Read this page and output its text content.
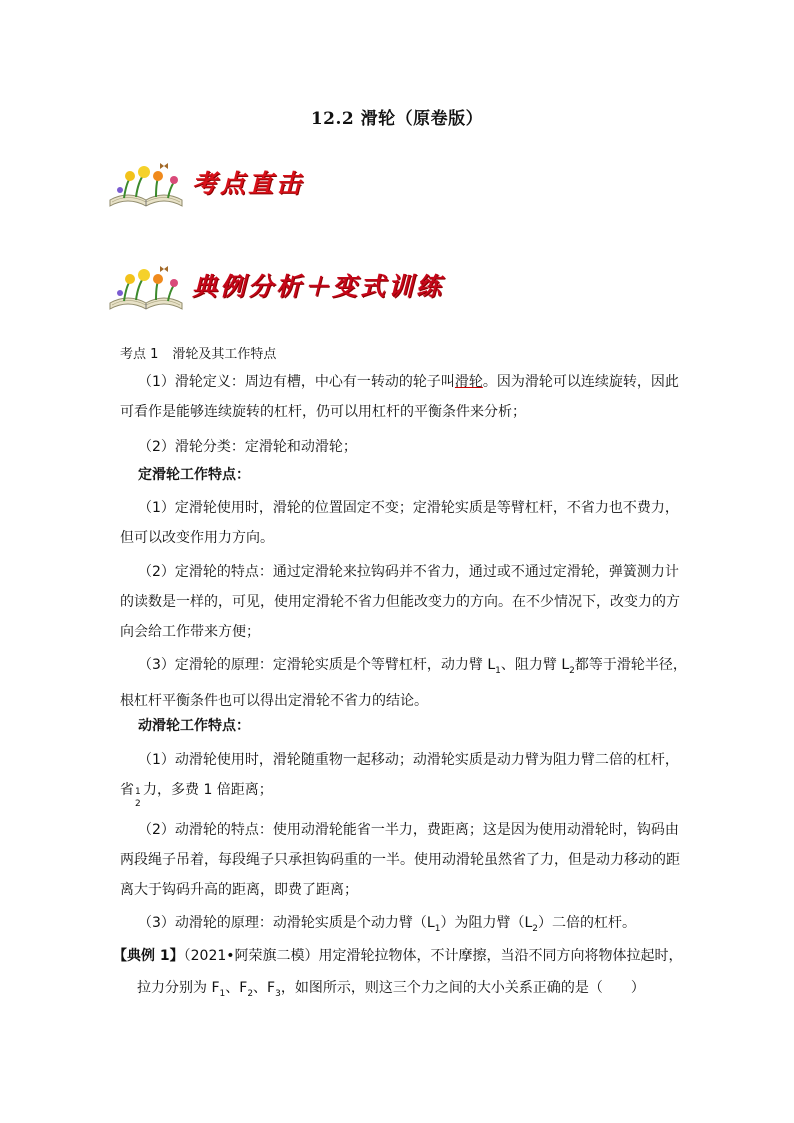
12.2 滑轮（原卷版）
考点直击
典例分析＋变式训练
考点 1 滑轮及其工作特点
（1）滑轮定义：周边有槽，中心有一转动的轮子叫滑轮。因为滑轮可以连续旋转，因此
可看作是能够连续旋转的杠杆，仍可以用杠杆的平衡条件来分析；
（2）滑轮分类：定滑轮和动滑轮；
定滑轮工作特点：
（1）定滑轮使用时，滑轮的位置固定不变；定滑轮实质是等臂杠杆，不省力也不费力，
但可以改变作用力方向。
（2）定滑轮的特点：通过定滑轮来拉钩码并不省力，通过或不通过定滑轮，弹簧测力计
的读数是一样的，可见，使用定滑轮不省力但能改变力的方向。在不少情况下，改变力的方
向会给工作带来方便；
（3）定滑轮的原理：定滑轮实质是个等臂杠杆，动力臂 $L_1$、阻力臂 $L_2$都等于滑轮半径，
根杠杆平衡条件也可以得出定滑轮不省力的结论。
动滑轮工作特点：
（1）动滑轮使用时，滑轮随重物一起移动；动滑轮实质是动力臂为阻力臂二倍的杠杆，
省 1
2
力，多费 1 倍距离；
（2）动滑轮的特点：使用动滑轮能省一半力，费距离；这是因为使用动滑轮时，钩码由
两段绳子吊着，每段绳子只承担钩码重的一半。使用动滑轮虽然省了力，但是动力移动的距
离大于钩码升高的距离，即费了距离；
（3）动滑轮的原理：动滑轮实质是个动力臂$(L_1)$为阻力臂$(L_2)$二倍的杠杆。
【典例 1】（2021•阿荣旗二模）用定滑轮拉物体，不计摩擦，当沿不同方向将物体拉起时，
拉力分别为 $F_1$、$F_2$、$F_3$，如图所示，则这三个力之间的大小关系正确的是（　　）
